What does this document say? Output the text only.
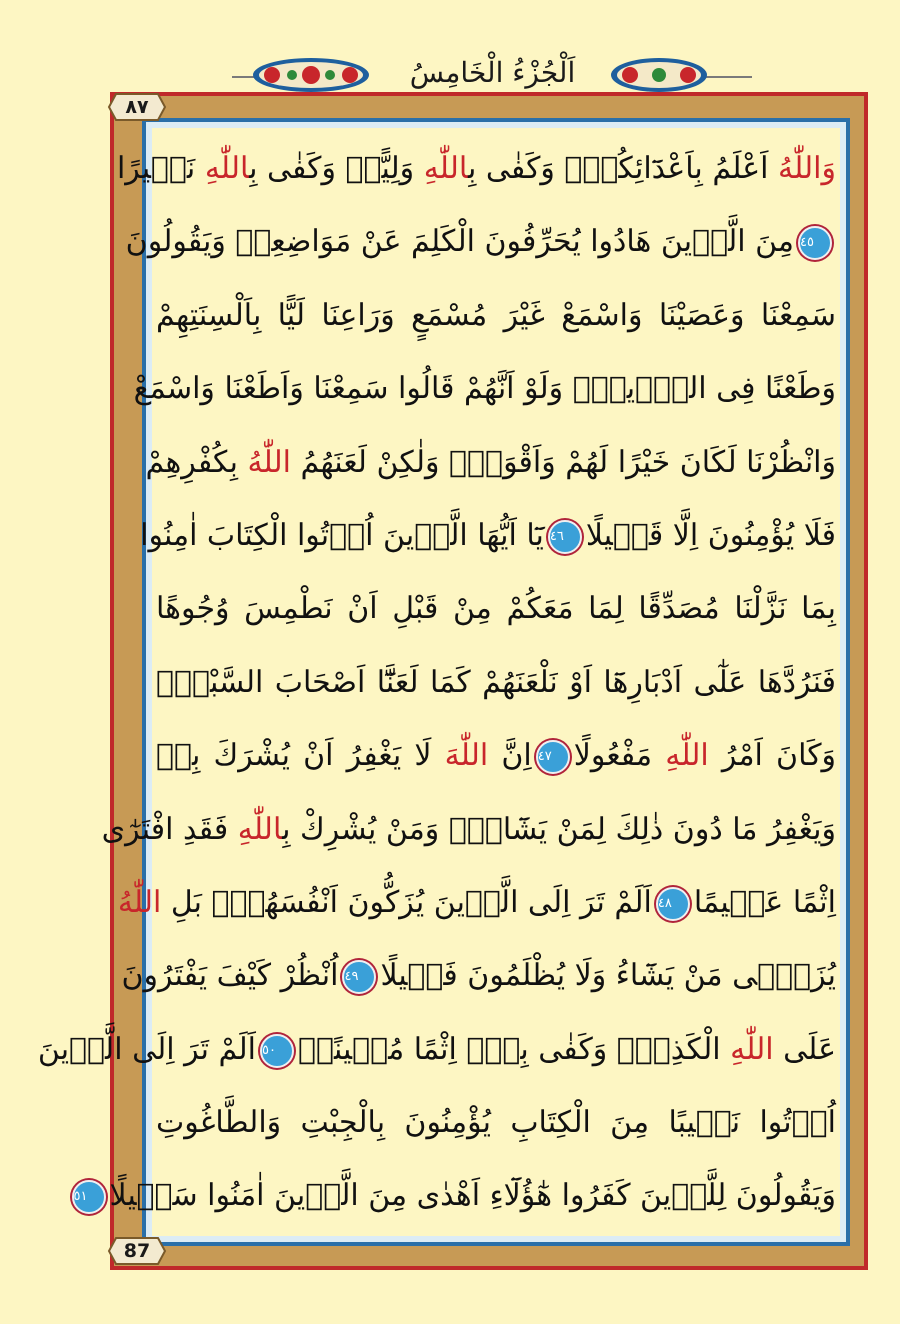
اَلْجُزْءُ الْخَامِسُ
٨٧
87
وَاللّٰهُ اَعْلَمُ بِاَعْدَٓائِكُمْۜ وَكَفٰى بِاللّٰهِ وَلِيًّاۗ وَكَفٰى بِاللّٰهِ نَصٖيرًا
٤٥مِنَ الَّذٖينَ هَادُوا يُحَرِّفُونَ الْكَلِمَ عَنْ مَوَاضِعِهٖ وَيَقُولُونَ
سَمِعْنَا وَعَصَيْنَا وَاسْمَعْ غَيْرَ مُسْمَعٍ وَرَاعِنَا لَيًّا بِاَلْسِنَتِهِمْ
وَطَعْنًا فِى الدّٖينِۜ وَلَوْ اَنَّهُمْ قَالُوا سَمِعْنَا وَاَطَعْنَا وَاسْمَعْ
وَانْظُرْنَا لَكَانَ خَيْرًا لَهُمْ وَاَقْوَمَۙ وَلٰكِنْ لَعَنَهُمُ اللّٰهُ بِكُفْرِهِمْ
فَلَا يُؤْمِنُونَ اِلَّا قَلٖيلًا٤٦يَٓا اَيُّهَا الَّذٖينَ اُو۫تُوا الْكِتَابَ اٰمِنُوا
بِمَا نَزَّلْنَا مُصَدِّقًا لِمَا مَعَكُمْ مِنْ قَبْلِ اَنْ نَطْمِسَ وُجُوهًا
فَنَرُدَّهَا عَلٰٓى اَدْبَارِهَٓا اَوْ نَلْعَنَهُمْ كَمَا لَعَنَّٓا اَصْحَابَ السَّبْتِۜ
وَكَانَ اَمْرُ اللّٰهِ مَفْعُولًا٤٧اِنَّ اللّٰهَ لَا يَغْفِرُ اَنْ يُشْرَكَ بِهٖ
وَيَغْفِرُ مَا دُونَ ذٰلِكَ لِمَنْ يَشَٓاءُۚ وَمَنْ يُشْرِكْ بِاللّٰهِ فَقَدِ افْتَرٰٓى
اِثْمًا عَظٖيمًا٤٨اَلَمْ تَرَ اِلَى الَّذٖينَ يُزَكُّونَ اَنْفُسَهُمْۜ بَلِ اللّٰهُ
يُزَكّٖى مَنْ يَشَٓاءُ وَلَا يُظْلَمُونَ فَتٖيلًا٤٩اُنْظُرْ كَيْفَ يَفْتَرُونَ
عَلَى اللّٰهِ الْكَذِبَۜ وَكَفٰى بِهٖٓ اِثْمًا مُبٖينًاۚ٥٠اَلَمْ تَرَ اِلَى الَّذٖينَ
اُو۫تُوا نَصٖيبًا مِنَ الْكِتَابِ يُؤْمِنُونَ بِالْجِبْتِ وَالطَّاغُوتِ
وَيَقُولُونَ لِلَّذٖينَ كَفَرُوا هٰٓؤُلَٓاءِ اَهْدٰى مِنَ الَّذٖينَ اٰمَنُوا سَبٖيلًا٥١
